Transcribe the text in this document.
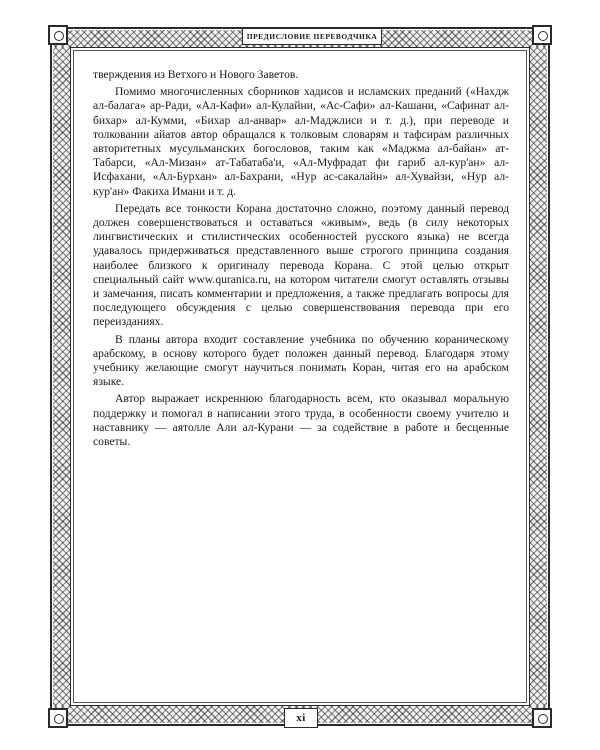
ПРЕДИСЛОВИЕ ПЕРЕВОДЧИКА

тверждения из Ветхого и Нового Заветов.

Помимо многочисленных сборников хадисов и исламских преданий («Нахдж ал-балага» ар-Ради, «Ал-Кафи» ал-Кулайни, «Ас-Сафи» ал-Кашани, «Сафинат ал-бихар» ал-Кумми, «Бихар ал-анвар» ал-Маджлиси и т. д.), при переводе и толковании айатов автор обращался к толковым словарям и тафсирам различных авторитетных мусульманских богословов, таким как «Маджма ал-байан» ат-Табарси, «Ал-Мизан» ат-Табатаба'и, «Ал-Муфрадат фи гариб ал-кур'ан» ал-Исфахани, «Ал-Бурхан» ал-Бахрани, «Нур ас-сакалайн» ал-Хувайзи, «Нур ал-кур'ан» Факиха Имани и т. д.

Передать все тонкости Корана достаточно сложно, поэтому данный перевод должен совершенствоваться и оставаться «живым», ведь (в силу некоторых лингвистических и стилистических особенностей русского языка) не всегда удавалось придерживаться представленного выше строгого принципа создания наиболее близкого к оригиналу перевода Корана. С этой целью открыт специальный сайт www.quranica.ru, на котором читатели смогут оставлять отзывы и замечания, писать комментарии и предложения, а также предлагать вопросы для последующего обсуждения с целью совершенствования перевода при его переизданиях.

В планы автора входит составление учебника по обучению кораническому арабскому, в основу которого будет положен данный перевод. Благодаря этому учебнику желающие смогут научиться понимать Коран, читая его на арабском языке.

Автор выражает искреннюю благодарность всем, кто оказывал моральную поддержку и помогал в написании этого труда, в особенности своему учителю и наставнику — аятолле Али ал-Курани — за содействие в работе и бесценные советы.

xi
